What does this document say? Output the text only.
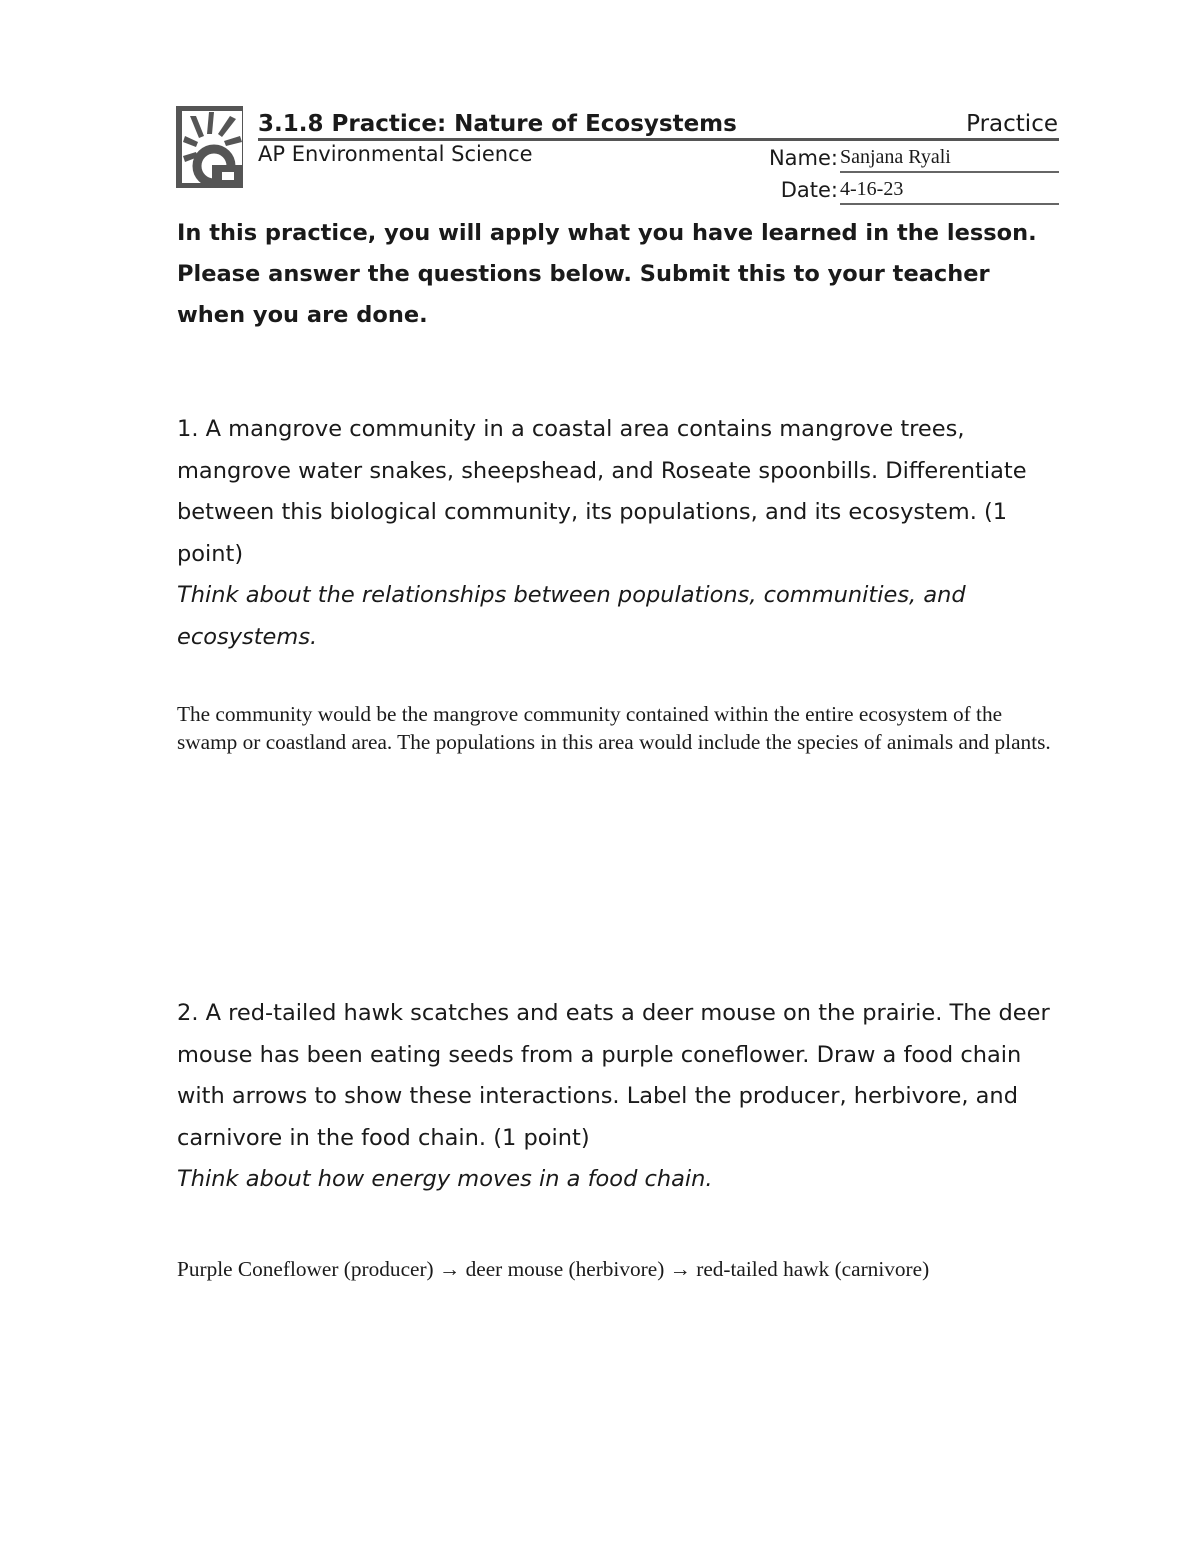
3.1.8 Practice: Nature of Ecosystems	Practice
AP Environmental Science	Name: Sanjana Ryali
Date: 4-16-23

In this practice, you will apply what you have learned in the lesson. Please answer the questions below. Submit this to your teacher when you are done.

1. A mangrove community in a coastal area contains mangrove trees, mangrove water snakes, sheepshead, and Roseate spoonbills. Differentiate between this biological community, its populations, and its ecosystem. (1 point)
Think about the relationships between populations, communities, and ecosystems.

The community would be the mangrove community contained within the entire ecosystem of the swamp or coastland area. The populations in this area would include the species of animals and plants.

2. A red-tailed hawk scatches and eats a deer mouse on the prairie. The deer mouse has been eating seeds from a purple coneflower. Draw a food chain with arrows to show these interactions. Label the producer, herbivore, and carnivore in the food chain. (1 point)
Think about how energy moves in a food chain.

Purple Coneflower (producer) → deer mouse (herbivore) → red-tailed hawk (carnivore)
